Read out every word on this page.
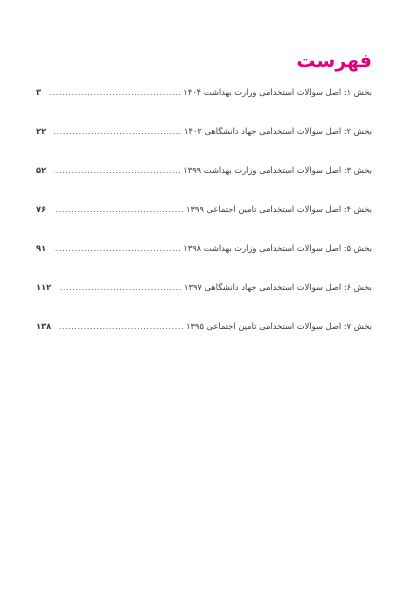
فهرست
بخش ۱: اصل سوالات استخدامی وزارت بهداشت ۱۴۰۴
.....
۳
بخش ۲: اصل سوالات استخدامی جهاد دانشگاهی ۱۴۰۲
.....
۲۲
بخش ۳: اصل سوالات استخدامی وزارت بهداشت ۱۳۹۹
.....
۵۲
بخش ۴: اصل سوالات استخدامی تامین اجتماعی ۱۳۹۹
.....
۷۶
بخش ۵: اصل سوالات استخدامی وزارت بهداشت ۱۳۹۸
.....
۹۱
بخش ۶: اصل سوالات استخدامی جهاد دانشگاهی ۱۳۹۷
.....
۱۱۲
بخش ۷: اصل سوالات استخدامی تامین اجتماعی ۱۳۹۵
.....
۱۳۸
